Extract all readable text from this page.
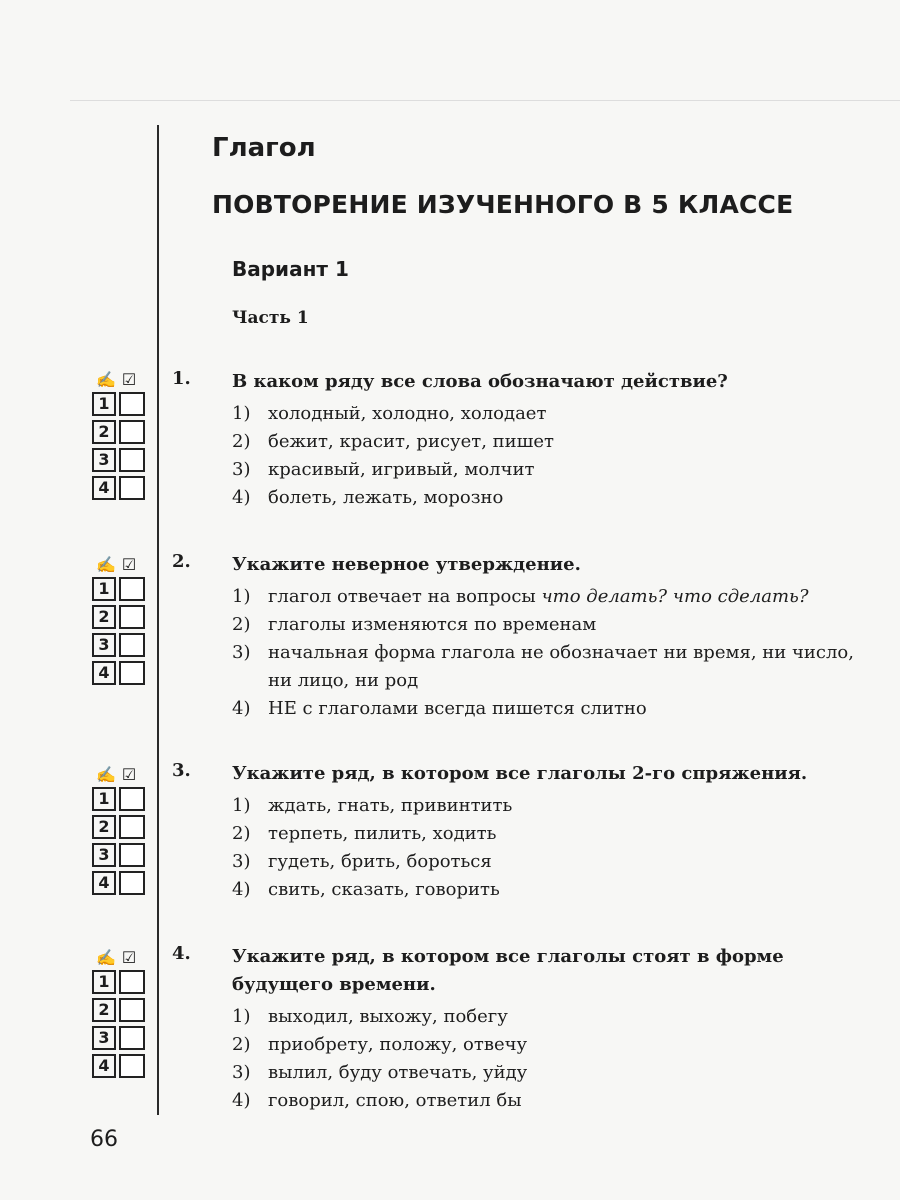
Глагол
ПОВТОРЕНИЕ ИЗУЧЕННОГО В 5 КЛАССЕ
Вариант 1
Часть 1
66
✍ ☑
1
2
3
4
1. В каком ряду все слова обозначают действие?
1) холодный, холодно, холодает
2) бежит, красит, рисует, пишет
3) красивый, игривый, молчит
4) болеть, лежать, морозно
✍ ☑
1
2
3
4
2. Укажите неверное утверждение.
1) глагол отвечает на вопросы что делать? что сделать?
2) глаголы изменяются по временам
3) начальная форма глагола не обозначает ни время, ни число, ни лицо, ни род
4) НЕ с глаголами всегда пишется слитно
✍ ☑
1
2
3
4
3. Укажите ряд, в котором все глаголы 2-го спряжения.
1) ждать, гнать, привинтить
2) терпеть, пилить, ходить
3) гудеть, брить, бороться
4) свить, сказать, говорить
✍ ☑
1
2
3
4
4. Укажите ряд, в котором все глаголы стоят в форме будущего времени.
1) выходил, выхожу, побегу
2) приобрету, положу, отвечу
3) вылил, буду отвечать, уйду
4) говорил, спою, ответил бы
